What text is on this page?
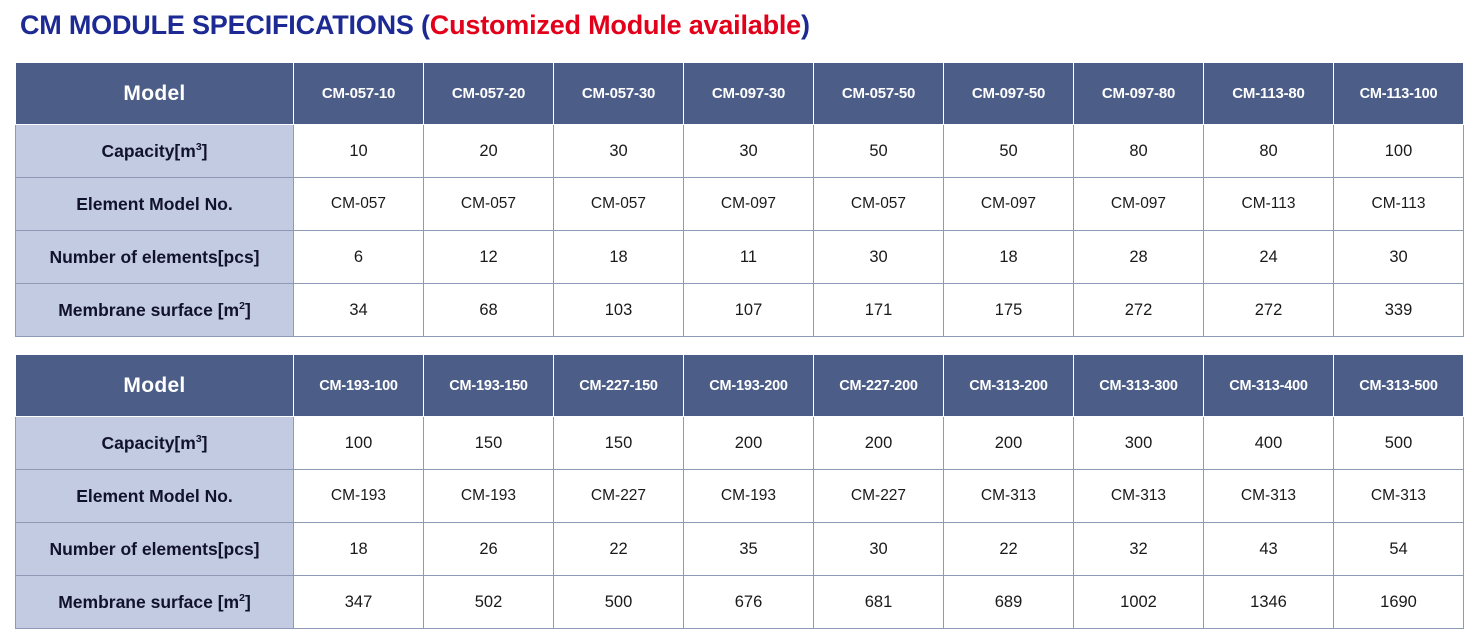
CM MODULE SPECIFICATIONS (Customized Module available)
Model	CM-057-10	CM-057-20	CM-057-30	CM-097-30	CM-057-50	CM-097-50	CM-097-80	CM-113-80	CM-113-100
$Capacity[m^3]$	10	20	30	30	50	50	80	80	100
Element Model No.	CM-057	CM-057	CM-057	CM-097	CM-057	CM-097	CM-097	CM-113	CM-113
Number of elements[pcs]	6	12	18	11	30	18	28	24	30
Membrane surface $[m^2]$	34	68	103	107	171	175	272	272	339
Model	CM-193-100	CM-193-150	CM-227-150	CM-193-200	CM-227-200	CM-313-200	CM-313-300	CM-313-400	CM-313-500
$Capacity[m^3]$	100	150	150	200	200	200	300	400	500
Element Model No.	CM-193	CM-193	CM-227	CM-193	CM-227	CM-313	CM-313	CM-313	CM-313
Number of elements[pcs]	18	26	22	35	30	22	32	43	54
Membrane surface $[m^2]$	347	502	500	676	681	689	1002	1346	1690
